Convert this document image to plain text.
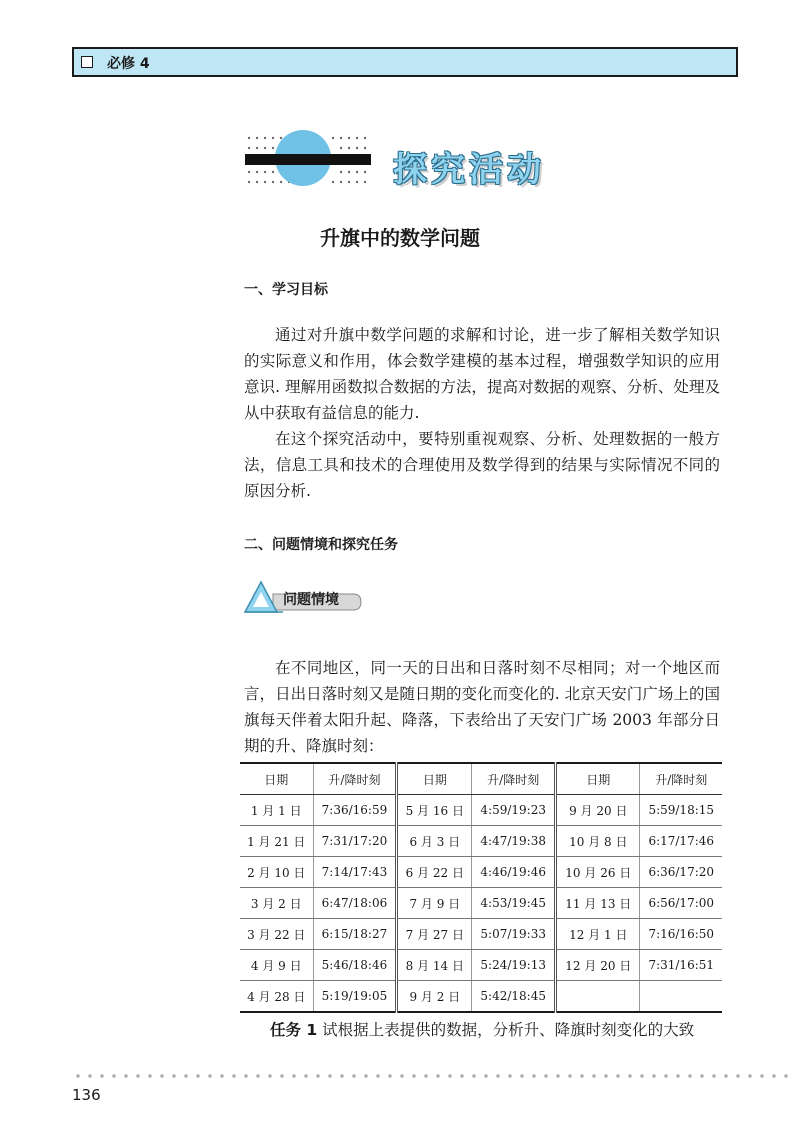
必修 4
探究活动
升旗中的数学问题
一、学习目标

通过对升旗中数学问题的求解和讨论，进一步了解相关数学知识的实际意义和作用，体会数学建模的基本过程，增强数学知识的应用意识. 理解用函数拟合数据的方法，提高对数据的观察、分析、处理及从中获取有益信息的能力.

在这个探究活动中，要特别重视观察、分析、处理数据的一般方法，信息工具和技术的合理使用及数学得到的结果与实际情况不同的原因分析.

二、问题情境和探究任务
问题情境

在不同地区，同一天的日出和日落时刻不尽相同；对一个地区而言，日出日落时刻又是随日期的变化而变化的. 北京天安门广场上的国旗每天伴着太阳升起、降落，下表给出了天安门广场 2003 年部分日期的升、降旗时刻：

日期	升/降时刻	日期	升/降时刻	日期	升/降时刻
1 月 1 日	7:36/16:59	5 月 16 日	4:59/19:23	9 月 20 日	5:59/18:15
1 月 21 日	7:31/17:20	6 月 3 日	4:47/19:38	10 月 8 日	6:17/17:46
2 月 10 日	7:14/17:43	6 月 22 日	4:46/19:46	10 月 26 日	6:36/17:20
3 月 2 日	6:47/18:06	7 月 9 日	4:53/19:45	11 月 13 日	6:56/17:00
3 月 22 日	6:15/18:27	7 月 27 日	5:07/19:33	12 月 1 日	7:16/16:50
4 月 9 日	5:46/18:46	8 月 14 日	5:24/19:13	12 月 20 日	7:31/16:51
4 月 28 日	5:19/19:05	9 月 2 日	5:42/18:45		
任务 1 试根据上表提供的数据，分析升、降旗时刻变化的大致
136
